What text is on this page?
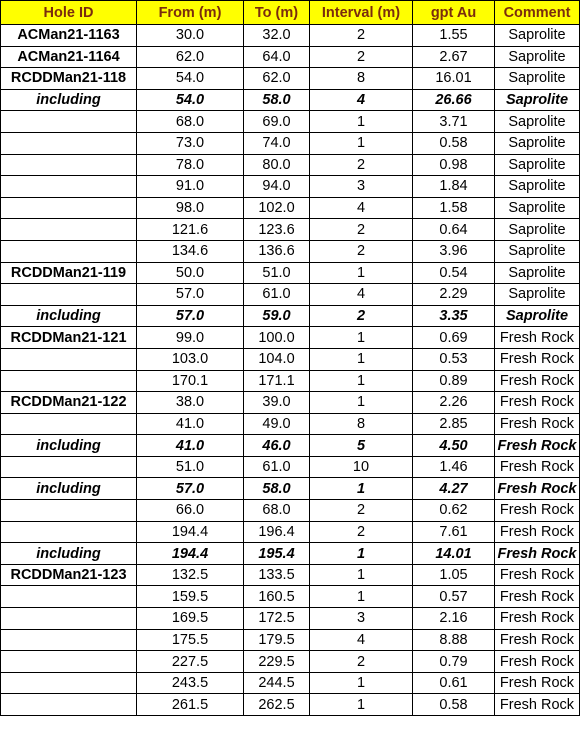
Hole ID	From (m)	To (m)	Interval (m)	gpt Au	Comment
ACMan21-1163	30.0	32.0	2	1.55	Saprolite
ACMan21-1164	62.0	64.0	2	2.67	Saprolite
RCDDMan21-118	54.0	62.0	8	16.01	Saprolite
including	54.0	58.0	4	26.66	Saprolite
	68.0	69.0	1	3.71	Saprolite
	73.0	74.0	1	0.58	Saprolite
	78.0	80.0	2	0.98	Saprolite
	91.0	94.0	3	1.84	Saprolite
	98.0	102.0	4	1.58	Saprolite
	121.6	123.6	2	0.64	Saprolite
	134.6	136.6	2	3.96	Saprolite
RCDDMan21-119	50.0	51.0	1	0.54	Saprolite
	57.0	61.0	4	2.29	Saprolite
including	57.0	59.0	2	3.35	Saprolite
RCDDMan21-121	99.0	100.0	1	0.69	Fresh Rock
	103.0	104.0	1	0.53	Fresh Rock
	170.1	171.1	1	0.89	Fresh Rock
RCDDMan21-122	38.0	39.0	1	2.26	Fresh Rock
	41.0	49.0	8	2.85	Fresh Rock
including	41.0	46.0	5	4.50	Fresh Rock
	51.0	61.0	10	1.46	Fresh Rock
including	57.0	58.0	1	4.27	Fresh Rock
	66.0	68.0	2	0.62	Fresh Rock
	194.4	196.4	2	7.61	Fresh Rock
including	194.4	195.4	1	14.01	Fresh Rock
RCDDMan21-123	132.5	133.5	1	1.05	Fresh Rock
	159.5	160.5	1	0.57	Fresh Rock
	169.5	172.5	3	2.16	Fresh Rock
	175.5	179.5	4	8.88	Fresh Rock
	227.5	229.5	2	0.79	Fresh Rock
	243.5	244.5	1	0.61	Fresh Rock
	261.5	262.5	1	0.58	Fresh Rock
